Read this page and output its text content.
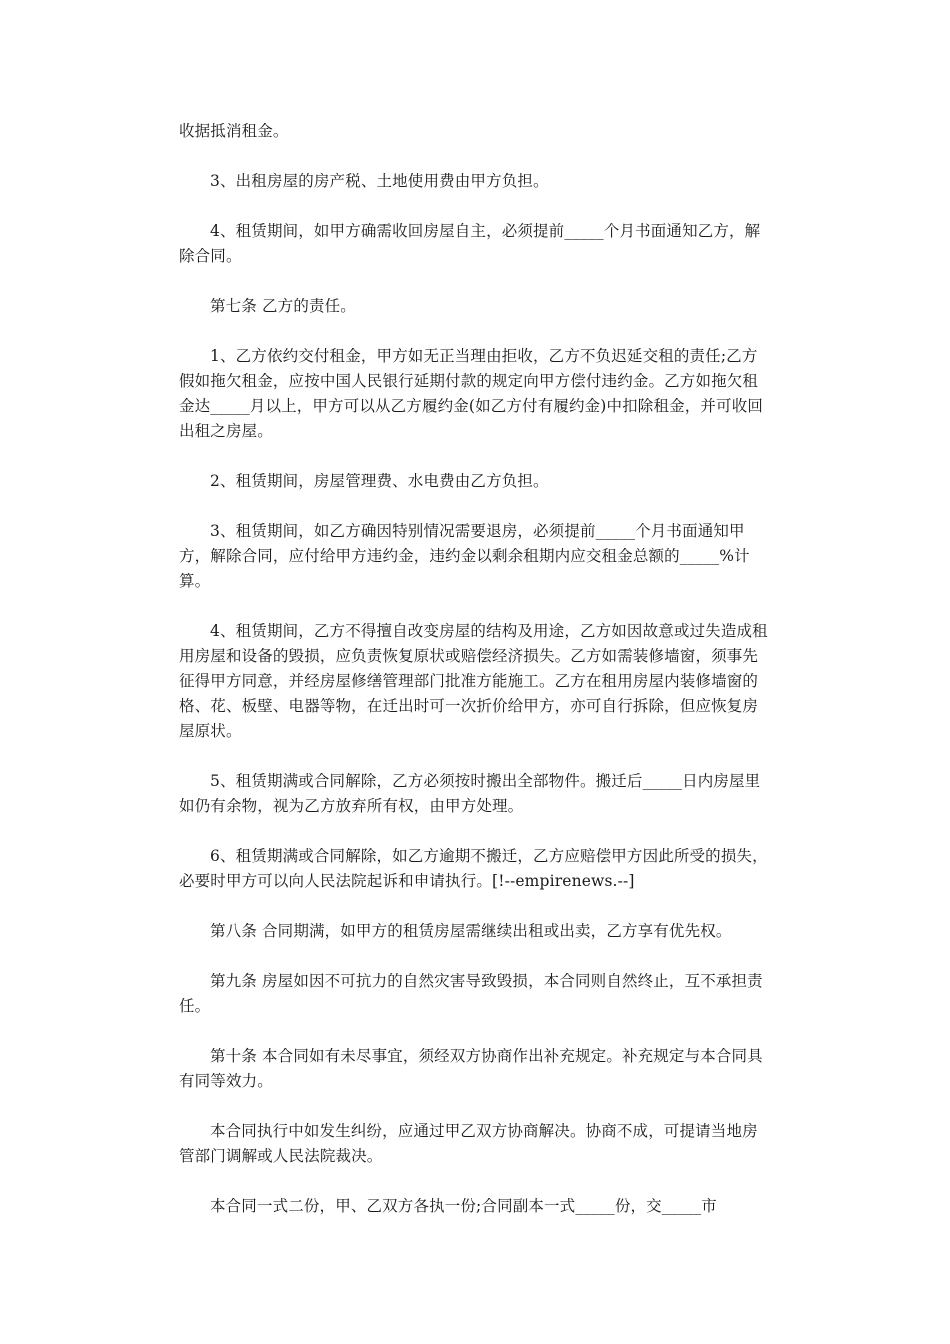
收据抵消租金。

3、出租房屋的房产税、土地使用费由甲方负担。

4、租赁期间，如甲方确需收回房屋自主，必须提前_____个月书面通知乙方，解除合同。

第七条 乙方的责任。

1、乙方依约交付租金，甲方如无正当理由拒收，乙方不负迟延交租的责任;乙方假如拖欠租金，应按中国人民银行延期付款的规定向甲方偿付违约金。乙方如拖欠租金达_____月以上，甲方可以从乙方履约金(如乙方付有履约金)中扣除租金，并可收回出租之房屋。

2、租赁期间，房屋管理费、水电费由乙方负担。

3、租赁期间，如乙方确因特别情况需要退房，必须提前_____个月书面通知甲方，解除合同，应付给甲方违约金，违约金以剩余租期内应交租金总额的_____%计算。

4、租赁期间，乙方不得擅自改变房屋的结构及用途，乙方如因故意或过失造成租用房屋和设备的毁损，应负责恢复原状或赔偿经济损失。乙方如需装修墙窗，须事先征得甲方同意，并经房屋修缮管理部门批准方能施工。乙方在租用房屋内装修墙窗的格、花、板壁、电器等物，在迁出时可一次折价给甲方，亦可自行拆除，但应恢复房屋原状。

5、租赁期满或合同解除，乙方必须按时搬出全部物件。搬迁后_____日内房屋里如仍有余物，视为乙方放弃所有权，由甲方处理。

6、租赁期满或合同解除，如乙方逾期不搬迁，乙方应赔偿甲方因此所受的损失，必要时甲方可以向人民法院起诉和申请执行。[!--empirenews.--]

第八条 合同期满，如甲方的租赁房屋需继续出租或出卖，乙方享有优先权。

第九条 房屋如因不可抗力的自然灾害导致毁损，本合同则自然终止，互不承担责任。

第十条 本合同如有未尽事宜，须经双方协商作出补充规定。补充规定与本合同具有同等效力。

本合同执行中如发生纠纷，应通过甲乙双方协商解决。协商不成，可提请当地房管部门调解或人民法院裁决。

本合同一式二份，甲、乙双方各执一份;合同副本一式_____份，交_____市
